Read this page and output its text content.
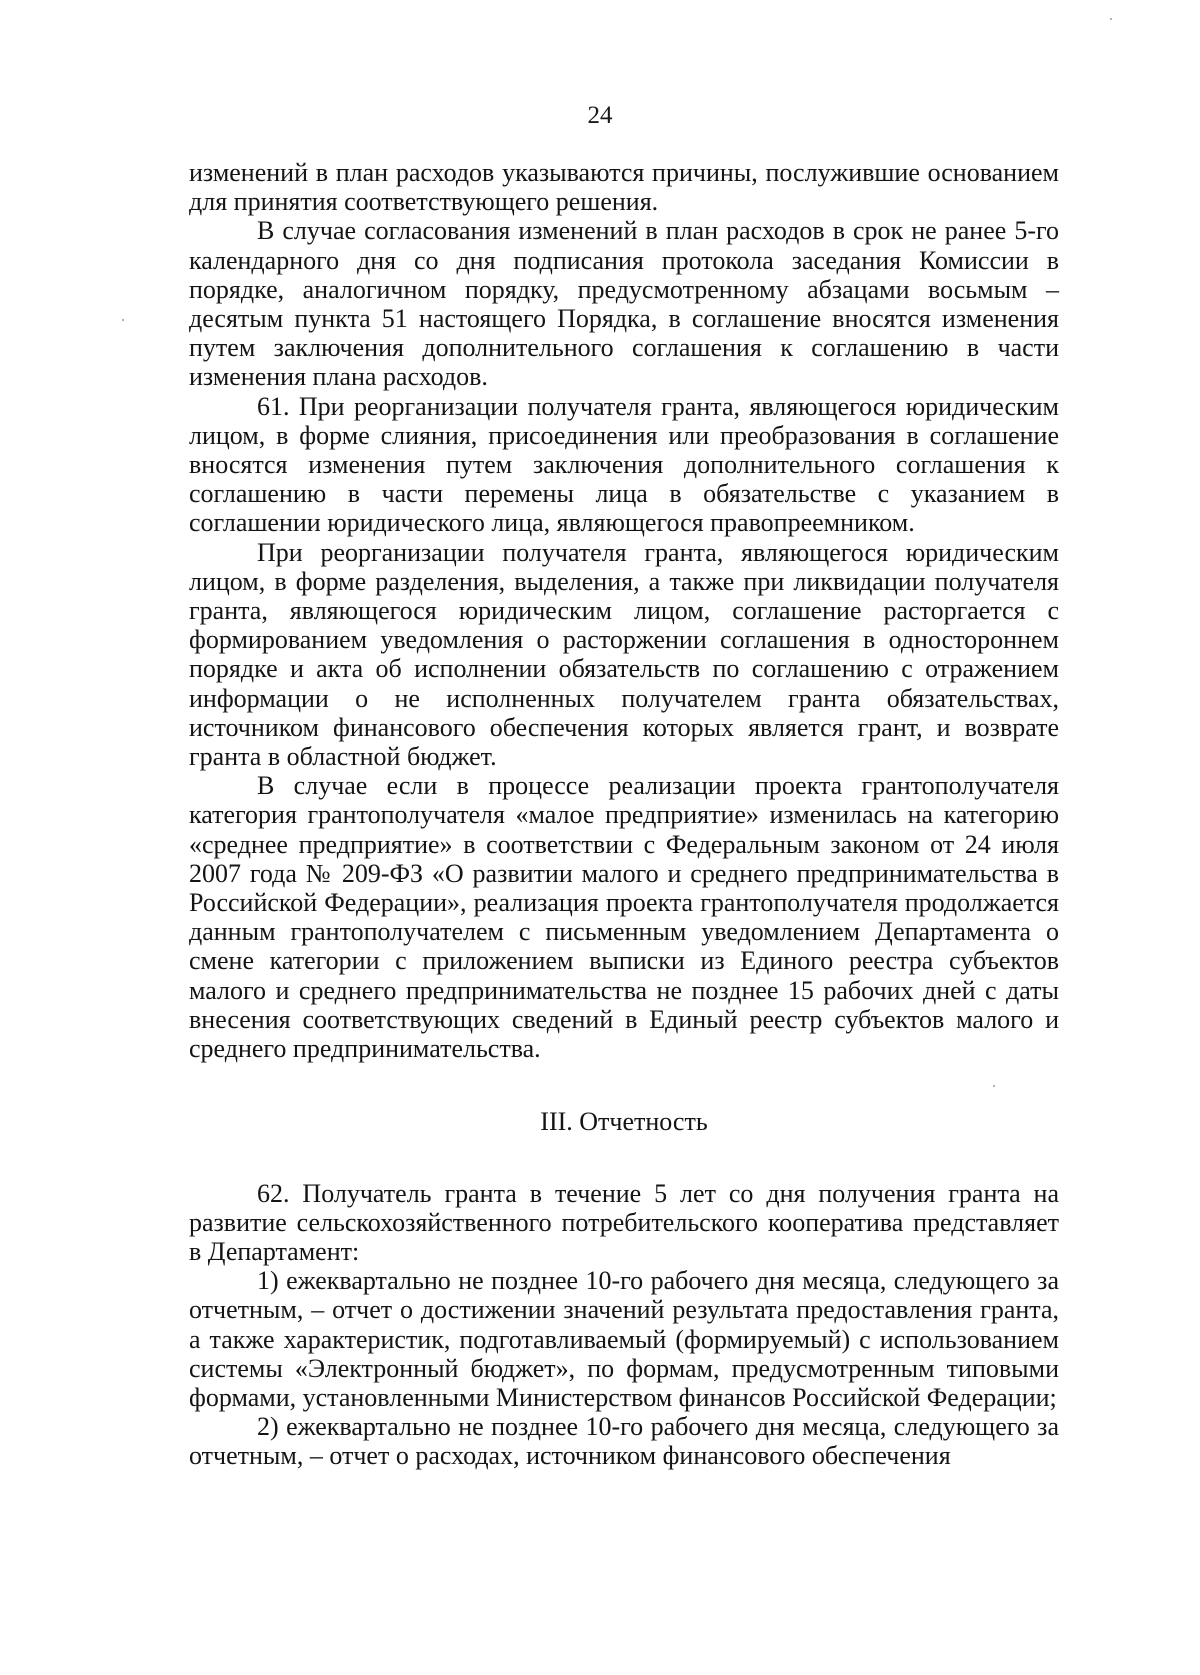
24

изменений в план расходов указываются причины, послужившие основанием для принятия соответствующего решения.

В случае согласования изменений в план расходов в срок не ранее 5-го календарного дня со дня подписания протокола заседания Комиссии в порядке, аналогичном порядку, предусмотренному абзацами восьмым – десятым пункта 51 настоящего Порядка, в соглашение вносятся изменения путем заключения дополнительного соглашения к соглашению в части изменения плана расходов.

61. При реорганизации получателя гранта, являющегося юридическим лицом, в форме слияния, присоединения или преобразования в соглашение вносятся изменения путем заключения дополнительного соглашения к соглашению в части перемены лица в обязательстве с указанием в соглашении юридического лица, являющегося правопреемником.

При реорганизации получателя гранта, являющегося юридическим лицом, в форме разделения, выделения, а также при ликвидации получателя гранта, являющегося юридическим лицом, соглашение расторгается с формированием уведомления о расторжении соглашения в одностороннем порядке и акта об исполнении обязательств по соглашению с отражением информации о не исполненных получателем гранта обязательствах, источником финансового обеспечения которых является грант, и возврате гранта в областной бюджет.

В случае если в процессе реализации проекта грантополучателя категория грантополучателя «малое предприятие» изменилась на категорию «среднее предприятие» в соответствии с Федеральным законом от 24 июля 2007 года № 209-ФЗ «О развитии малого и среднего предпринимательства в Российской Федерации», реализация проекта грантополучателя продолжается данным грантополучателем с письменным уведомлением Департамента о смене категории с приложением выписки из Единого реестра субъектов малого и среднего предпринимательства не позднее 15 рабочих дней с даты внесения соответствующих сведений в Единый реестр субъектов малого и среднего предпринимательства.

III. Отчетность

62. Получатель гранта в течение 5 лет со дня получения гранта на развитие сельскохозяйственного потребительского кооператива представляет в Департамент:

1) ежеквартально не позднее 10-го рабочего дня месяца, следующего за отчетным, – отчет о достижении значений результата предоставления гранта, а также характеристик, подготавливаемый (формируемый) с использованием системы «Электронный бюджет», по формам, предусмотренным типовыми формами, установленными Министерством финансов Российской Федерации;

2) ежеквартально не позднее 10-го рабочего дня месяца, следующего за отчетным, – отчет о расходах, источником финансового обеспечения
